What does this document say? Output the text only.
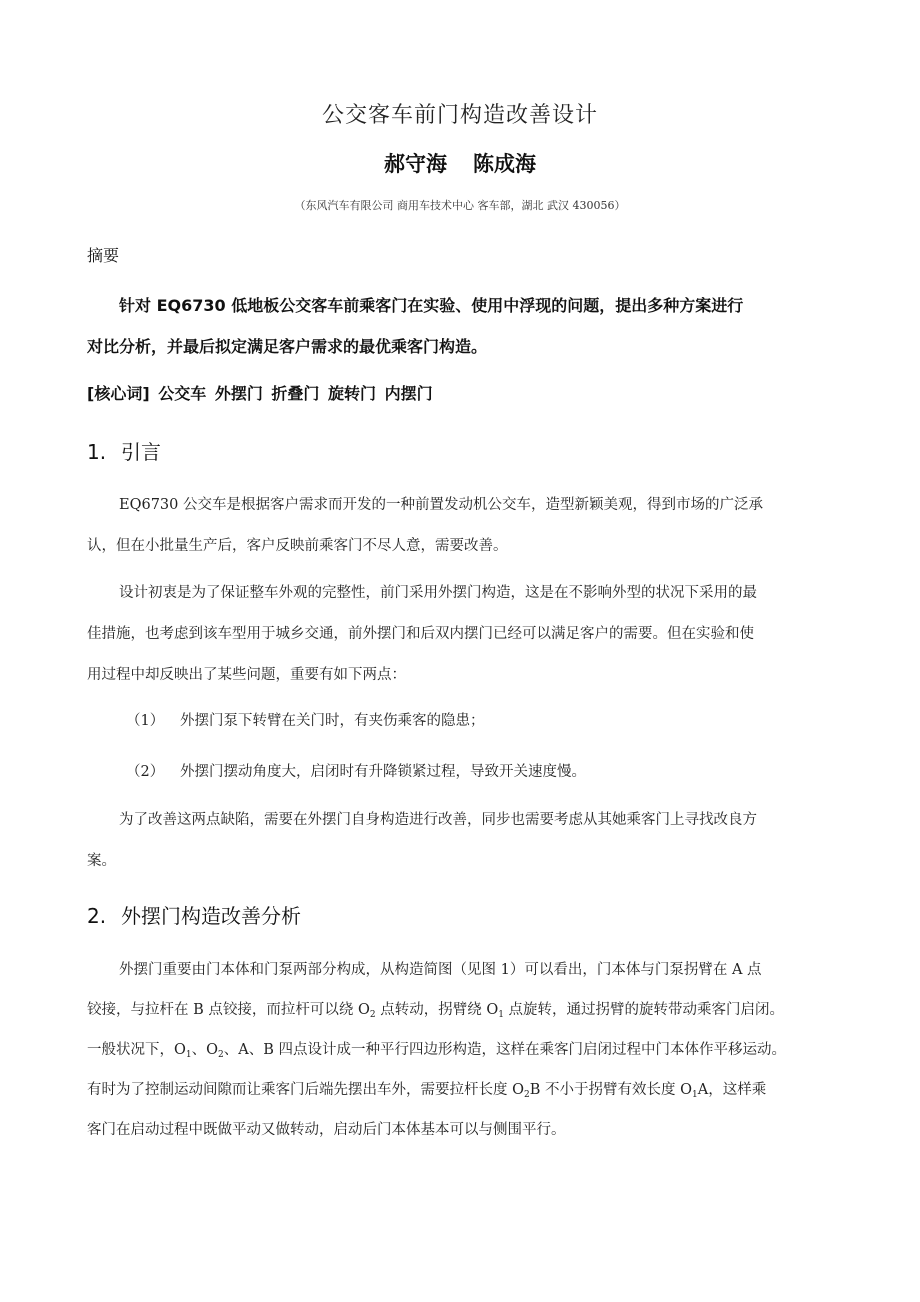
公交客车前门构造改善设计
郝守海 陈成海
（东风汽车有限公司 商用车技术中心 客车部，湖北 武汉 430056）
摘要
针对 EQ6730 低地板公交客车前乘客门在实验、使用中浮现的问题，提出多种方案进行
对比分析，并最后拟定满足客户需求的最优乘客门构造。
[核心词] 公交车 外摆门 折叠门 旋转门 内摆门
1. 引言
EQ6730 公交车是根据客户需求而开发的一种前置发动机公交车，造型新颖美观，得到市场的广泛承
认，但在小批量生产后，客户反映前乘客门不尽人意，需要改善。
设计初衷是为了保证整车外观的完整性，前门采用外摆门构造，这是在不影响外型的状况下采用的最
佳措施，也考虑到该车型用于城乡交通，前外摆门和后双内摆门已经可以满足客户的需要。但在实验和使
用过程中却反映出了某些问题，重要有如下两点：
（1） 外摆门泵下转臂在关门时，有夹伤乘客的隐患；
（2） 外摆门摆动角度大，启闭时有升降锁紧过程，导致开关速度慢。
为了改善这两点缺陷，需要在外摆门自身构造进行改善，同步也需要考虑从其她乘客门上寻找改良方
案。
2. 外摆门构造改善分析
外摆门重要由门本体和门泵两部分构成，从构造简图（见图 1）可以看出，门本体与门泵拐臂在 A 点
铰接，与拉杆在 B 点铰接，而拉杆可以绕 $O_2$ 点转动，拐臂绕 $O_1$ 点旋转，通过拐臂的旋转带动乘客门启闭。
一般状况下，$O_1$、$O_2$、A、B 四点设计成一种平行四边形构造，这样在乘客门启闭过程中门本体作平移运动。
有时为了控制运动间隙而让乘客门后端先摆出车外，需要拉杆长度 $O_2B$ 不小于拐臂有效长度 $O_1A$，这样乘
客门在启动过程中既做平动又做转动，启动后门本体基本可以与侧围平行。
